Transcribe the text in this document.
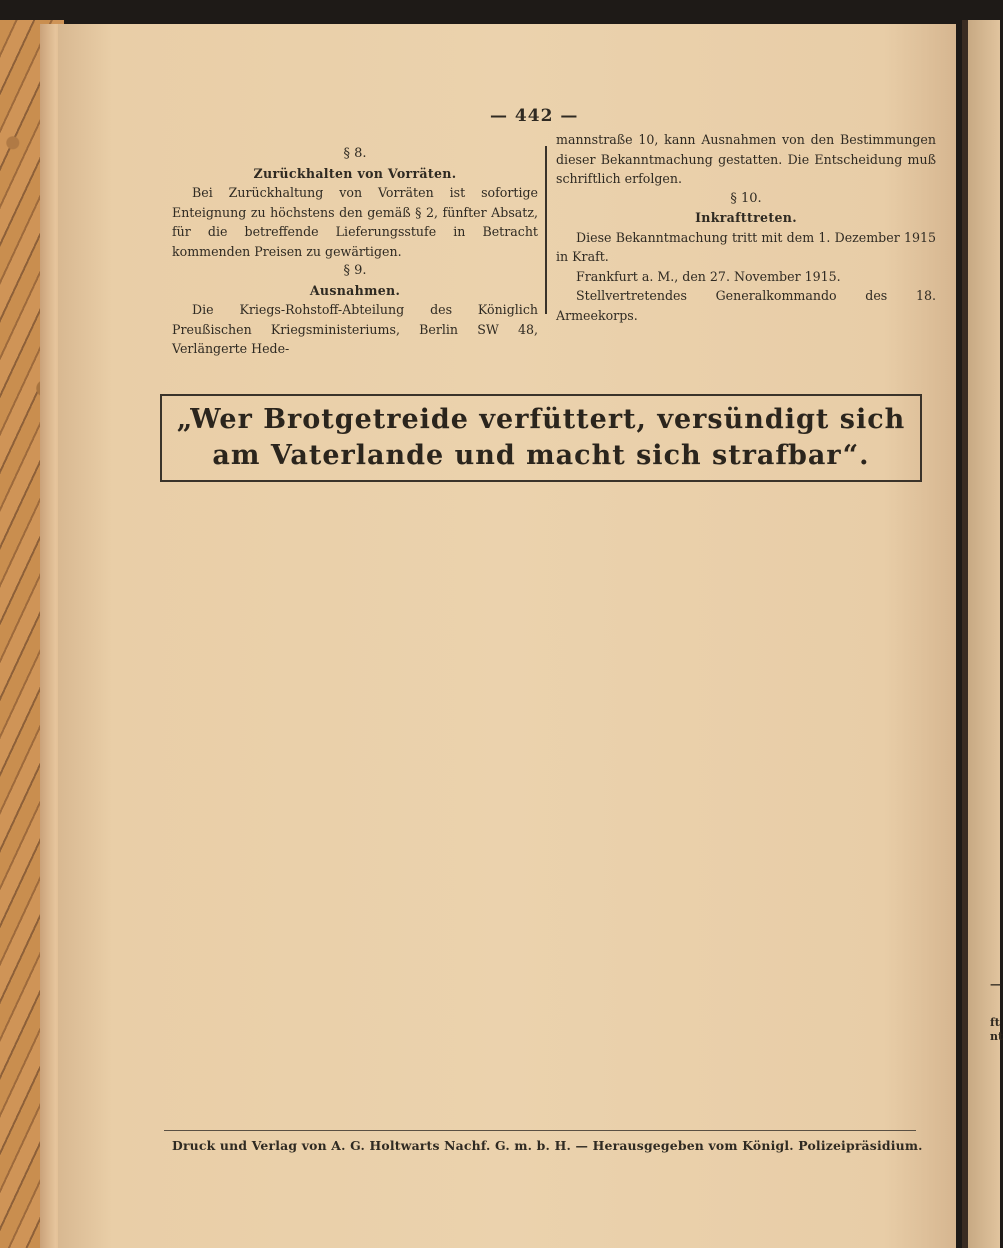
—
ft
nt
— 442 —

§ 8.

Zurückhalten von Vorräten.

Bei Zurückhaltung von Vorräten ist sofortige Enteignung zu höchstens den gemäß § 2, fünfter Absatz, für die betreffende Lieferungsstufe in Betracht kommenden Preisen zu gewärtigen.

§ 9.

Ausnahmen.

Die Kriegs-Rohstoff-Abteilung des Königlich Preußischen Kriegsministeriums, Berlin SW 48, Verlängerte Hede-

mannstraße 10, kann Ausnahmen von den Bestimmungen dieser Bekanntmachung gestatten. Die Entscheidung muß schriftlich erfolgen.

§ 10.

Inkrafttreten.

Diese Bekanntmachung tritt mit dem 1. Dezember 1915 in Kraft.

Frankfurt a. M., den 27. November 1915.

Stellvertretendes Generalkommando des 18. Armeekorps.

„Wer Brotgetreide verfüttert, versündigt sich
am Vaterlande und macht sich strafbar“.
Druck und Verlag von A. G. Holtwarts Nachf. G. m. b. H. — Herausgegeben vom Königl. Polizeipräsidium.
